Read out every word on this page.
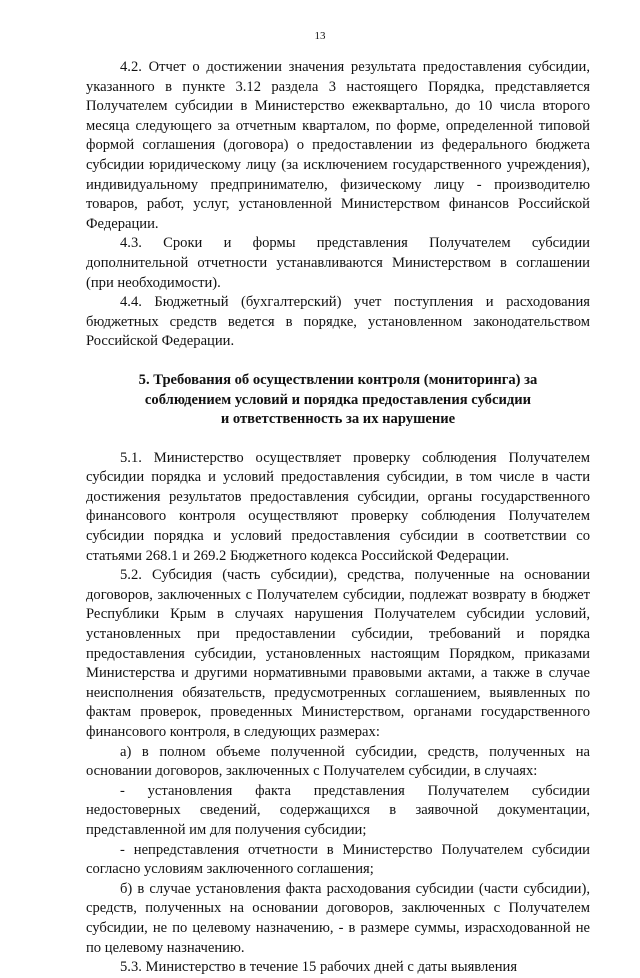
13

4.2. Отчет о достижении значения результата предоставления субсидии, указанного в пункте 3.12 раздела 3 настоящего Порядка, представляется Получателем субсидии в Министерство ежеквартально, до 10 числа второго месяца следующего за отчетным кварталом, по форме, определенной типовой формой соглашения (договора) о предоставлении из федерального бюджета субсидии юридическому лицу (за исключением государственного учреждения), индивидуальному предпринимателю, физическому лицу - производителю товаров, работ, услуг, установленной Министерством финансов Российской Федерации.

4.3. Сроки и формы представления Получателем субсидии дополнительной отчетности устанавливаются Министерством в соглашении (при необходимости).

4.4. Бюджетный (бухгалтерский) учет поступления и расходования бюджетных средств ведется в порядке, установленном законодательством Российской Федерации.

5. Требования об осуществлении контроля (мониторинга) за
соблюдением условий и порядка предоставления субсидии
и ответственность за их нарушение

5.1. Министерство осуществляет проверку соблюдения Получателем субсидии порядка и условий предоставления субсидии, в том числе в части достижения результатов предоставления субсидии, органы государственного финансового контроля осуществляют проверку соблюдения Получателем субсидии порядка и условий предоставления субсидии в соответствии со статьями 268.1 и 269.2 Бюджетного кодекса Российской Федерации.

5.2. Субсидия (часть субсидии), средства, полученные на основании договоров, заключенных с Получателем субсидии, подлежат возврату в бюджет Республики Крым в случаях нарушения Получателем субсидии условий, установленных при предоставлении субсидии, требований и порядка предоставления субсидии, установленных настоящим Порядком, приказами Министерства и другими нормативными правовыми актами, а также в случае неисполнения обязательств, предусмотренных соглашением, выявленных по фактам проверок, проведенных Министерством, органами государственного финансового контроля, в следующих размерах:

а) в полном объеме полученной субсидии, средств, полученных на основании договоров, заключенных с Получателем субсидии, в случаях:

- установления факта представления Получателем субсидии недостоверных сведений, содержащихся в заявочной документации, представленной им для получения субсидии;

- непредставления отчетности в Министерство Получателем субсидии согласно условиям заключенного соглашения;

б) в случае установления факта расходования субсидии (части субсидии), средств, полученных на основании договоров, заключенных с Получателем субсидии, не по целевому назначению, - в размере суммы, израсходованной не по целевому назначению.

5.3. Министерство в течение 15 рабочих дней с даты выявления
